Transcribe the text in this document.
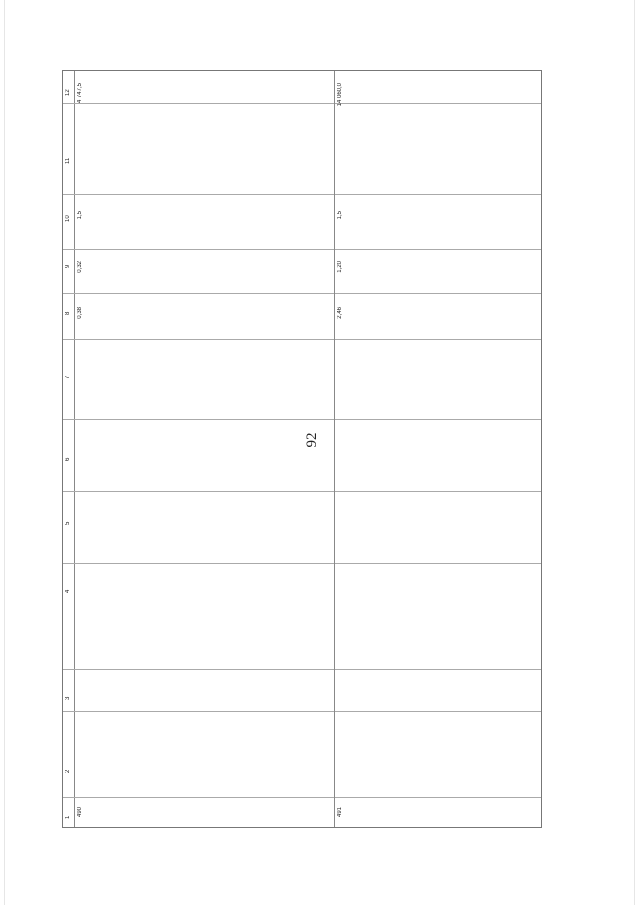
92
1
2
3
4
5
6
7
8
9
10
11
12
490
0,38
0,32
1,5
4 747,5
491
2,46
1,20
1,5
14 060,0
